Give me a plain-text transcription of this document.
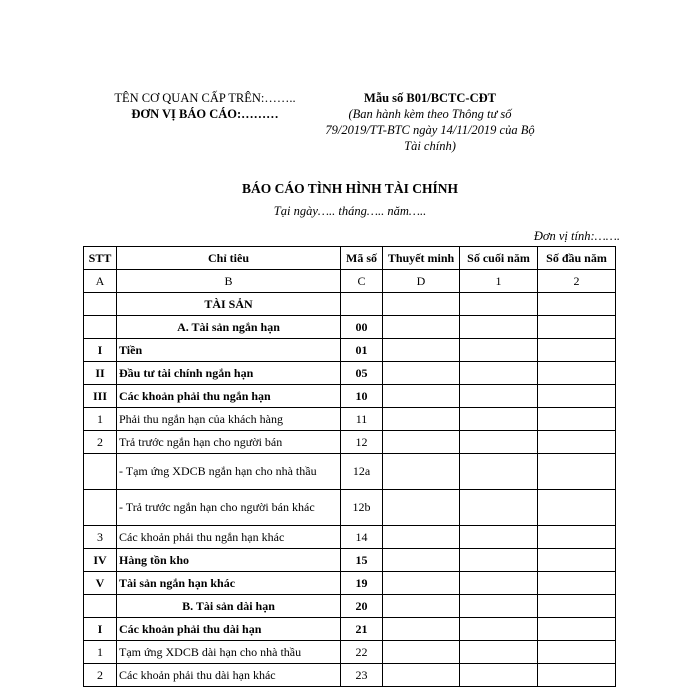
TÊN CƠ QUAN CẤP TRÊN:……..
ĐƠN VỊ BÁO CÁO:………
Mẫu số B01/BCTC-CĐT
(Ban hành kèm theo Thông tư số 79/2019/TT-BTC ngày 14/11/2019 của Bộ Tài chính)
BÁO CÁO TÌNH HÌNH TÀI CHÍNH
Tại ngày….. tháng….. năm…..
Đơn vị tính:…….
STT	Chỉ tiêu	Mã số	Thuyết minh	Số cuối năm	Số đầu năm
A	B	C	D	1	2
	TÀI SẢN				
	A. Tài sản ngắn hạn	00			
I	Tiền	01			
II	Đầu tư tài chính ngắn hạn	05			
III	Các khoản phải thu ngắn hạn	10			
1	Phải thu ngắn hạn của khách hàng	11			
2	Trả trước ngắn hạn cho người bán	12			
	- Tạm ứng XDCB ngắn hạn cho nhà thầu	12a			
	- Trả trước ngắn hạn cho người bán khác	12b			
3	Các khoản phải thu ngắn hạn khác	14			
IV	Hàng tồn kho	15			
V	Tài sản ngắn hạn khác	19			
	B. Tài sản dài hạn	20			
I	Các khoản phải thu dài hạn	21			
1	Tạm ứng XDCB dài hạn cho nhà thầu	22			
2	Các khoản phải thu dài hạn khác	23			
